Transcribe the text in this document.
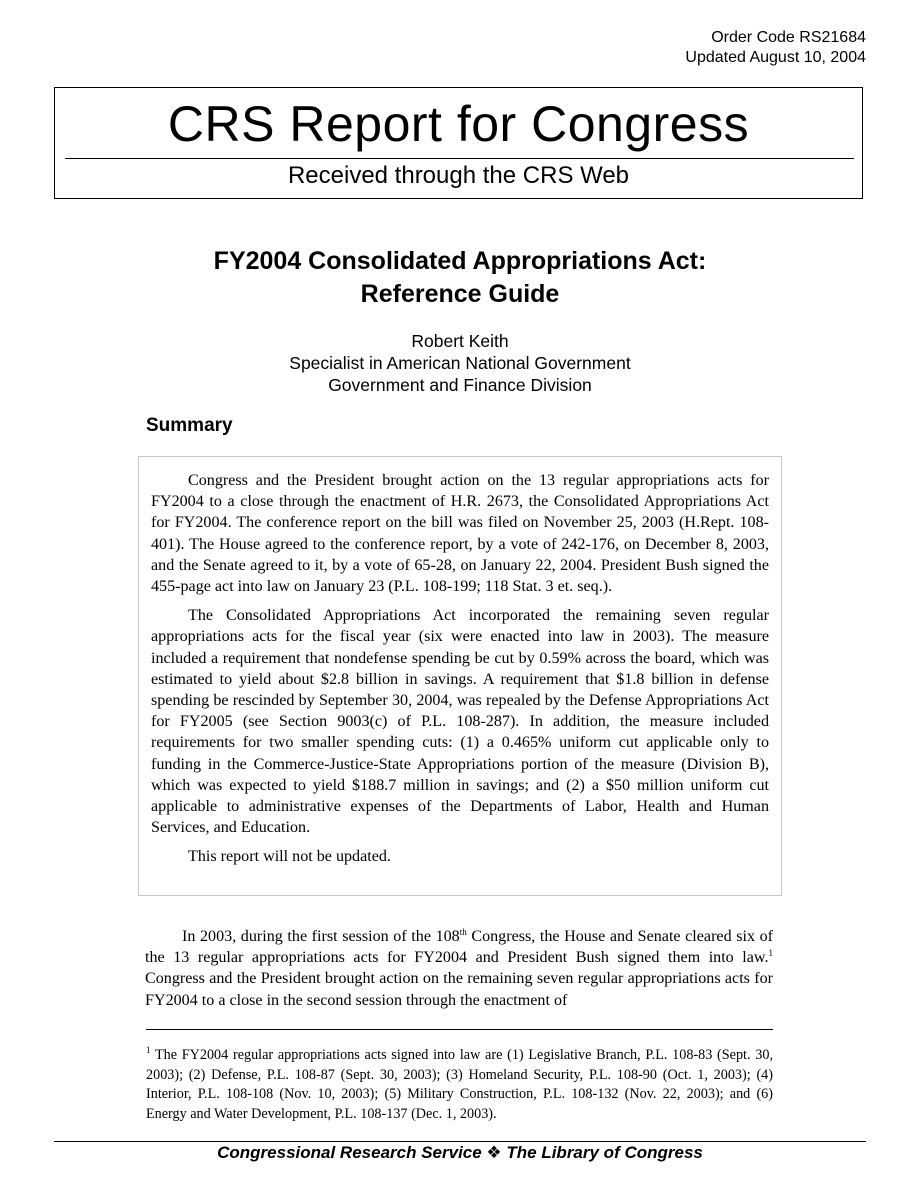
Order Code RS21684
Updated August 10, 2004
CRS Report for Congress
Received through the CRS Web
FY2004 Consolidated Appropriations Act:
Reference Guide
Robert Keith
Specialist in American National Government
Government and Finance Division
Summary

Congress and the President brought action on the 13 regular appropriations acts for FY2004 to a close through the enactment of H.R. 2673, the Consolidated Appropriations Act for FY2004. The conference report on the bill was filed on November 25, 2003 (H.Rept. 108-401). The House agreed to the conference report, by a vote of 242-176, on December 8, 2003, and the Senate agreed to it, by a vote of 65-28, on January 22, 2004. President Bush signed the 455-page act into law on January 23 (P.L. 108-199; 118 Stat. 3 et. seq.).

The Consolidated Appropriations Act incorporated the remaining seven regular appropriations acts for the fiscal year (six were enacted into law in 2003). The measure included a requirement that nondefense spending be cut by 0.59% across the board, which was estimated to yield about $2.8 billion in savings. A requirement that $1.8 billion in defense spending be rescinded by September 30, 2004, was repealed by the Defense Appropriations Act for FY2005 (see Section 9003(c) of P.L. 108-287). In addition, the measure included requirements for two smaller spending cuts: (1) a 0.465% uniform cut applicable only to funding in the Commerce-Justice-State Appropriations portion of the measure (Division B), which was expected to yield $188.7 million in savings; and (2) a $50 million uniform cut applicable to administrative expenses of the Departments of Labor, Health and Human Services, and Education.

This report will not be updated.

In 2003, during the first session of the 108th Congress, the House and Senate cleared six of the 13 regular appropriations acts for FY2004 and President Bush signed them into law.$^1$ Congress and the President brought action on the remaining seven regular appropriations acts for FY2004 to a close in the second session through the enactment of

$^1$ The FY2004 regular appropriations acts signed into law are (1) Legislative Branch, P.L. 108-83 (Sept. 30, 2003); (2) Defense, P.L. 108-87 (Sept. 30, 2003); (3) Homeland Security, P.L. 108-90 (Oct. 1, 2003); (4) Interior, P.L. 108-108 (Nov. 10, 2003); (5) Military Construction, P.L. 108-132 (Nov. 22, 2003); and (6) Energy and Water Development, P.L. 108-137 (Dec. 1, 2003).
Congressional Research Service ❖ The Library of Congress
